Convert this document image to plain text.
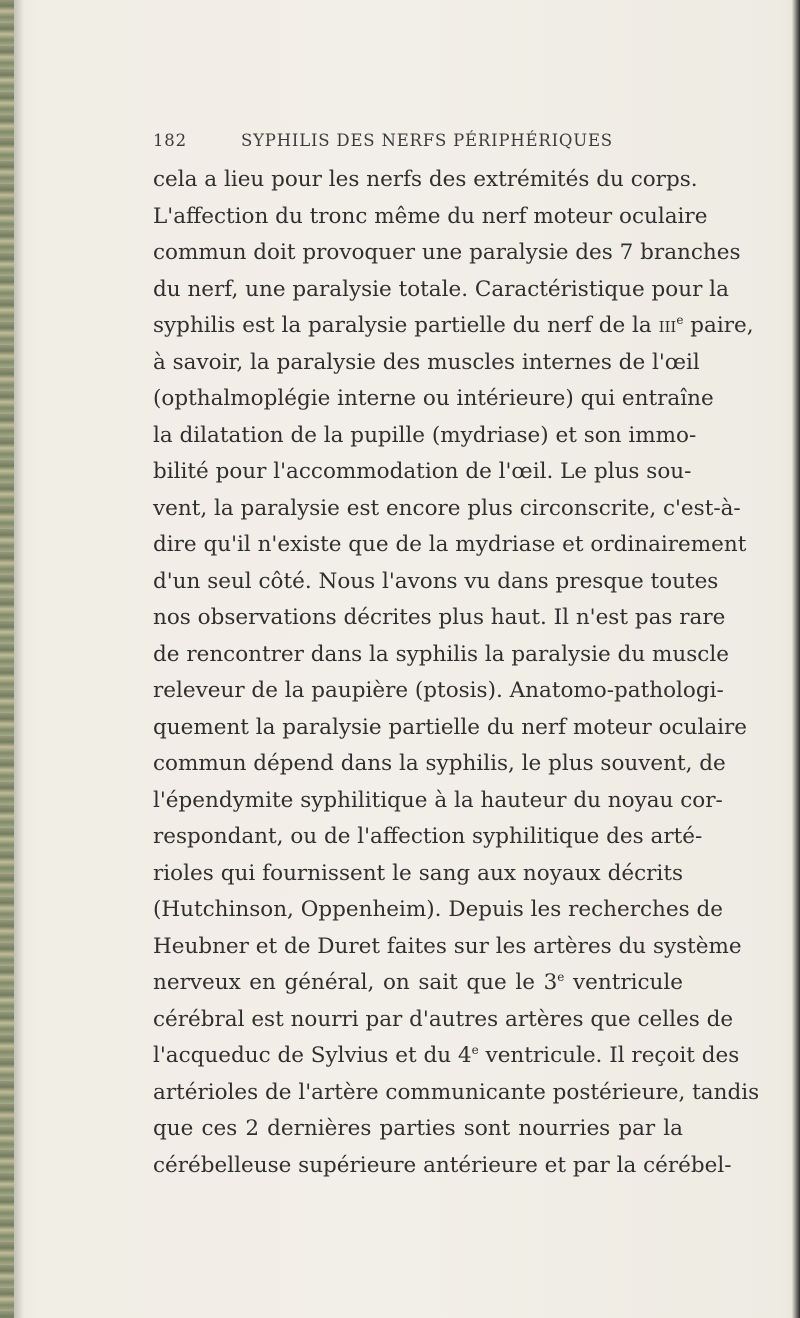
182	SYPHILIS DES NERFS PÉRIPHÉRIQUES
cela a lieu pour les nerfs des extrémités du corps.
L'affection du tronc même du nerf moteur oculaire
commun doit provoquer une paralysie des 7 branches
du nerf, une paralysie totale. Caractéristique pour la
syphilis est la paralysie partielle du nerf de la iii$^e$ paire,
à savoir, la paralysie des muscles internes de l'œil
(opthalmoplégie interne ou intérieure) qui entraîne
la dilatation de la pupille (mydriase) et son immo-
bilité pour l'accommodation de l'œil. Le plus sou-
vent, la paralysie est encore plus circonscrite, c'est-à-
dire qu'il n'existe que de la mydriase et ordinairement
d'un seul côté. Nous l'avons vu dans presque toutes
nos observations décrites plus haut. Il n'est pas rare
de rencontrer dans la syphilis la paralysie du muscle
releveur de la paupière (ptosis). Anatomo-pathologi-
quement la paralysie partielle du nerf moteur oculaire
commun dépend dans la syphilis, le plus souvent, de
l'épendymite syphilitique à la hauteur du noyau cor-
respondant, ou de l'affection syphilitique des arté-
rioles qui fournissent le sang aux noyaux décrits
(Hutchinson, Oppenheim). Depuis les recherches de
Heubner et de Duret faites sur les artères du système
nerveux en général, on sait que le 3e ventricule
cérébral est nourri par d'autres artères que celles de
l'acqueduc de Sylvius et du 4e ventricule. Il reçoit des
artérioles de l'artère communicante postérieure, tandis
que ces 2 dernières parties sont nourries par la
cérébelleuse supérieure antérieure et par la cérébel-
